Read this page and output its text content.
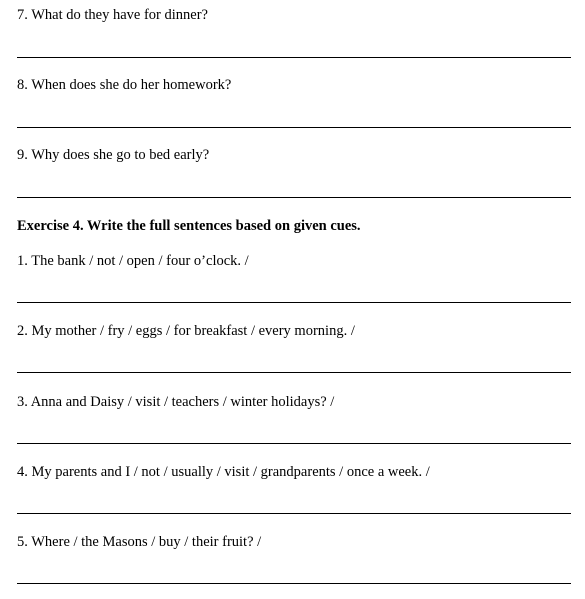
7. What do they have for dinner?
8. When does she do her homework?
9. Why does she go to bed early?
Exercise 4. Write the full sentences based on given cues.
1. The bank / not / open / four o’clock. /
2. My mother / fry / eggs / for breakfast / every morning. /
3. Anna and Daisy / visit / teachers / winter holidays? /
4. My parents and I / not / usually / visit / grandparents / once a week. /
5. Where / the Masons / buy / their fruit? /
